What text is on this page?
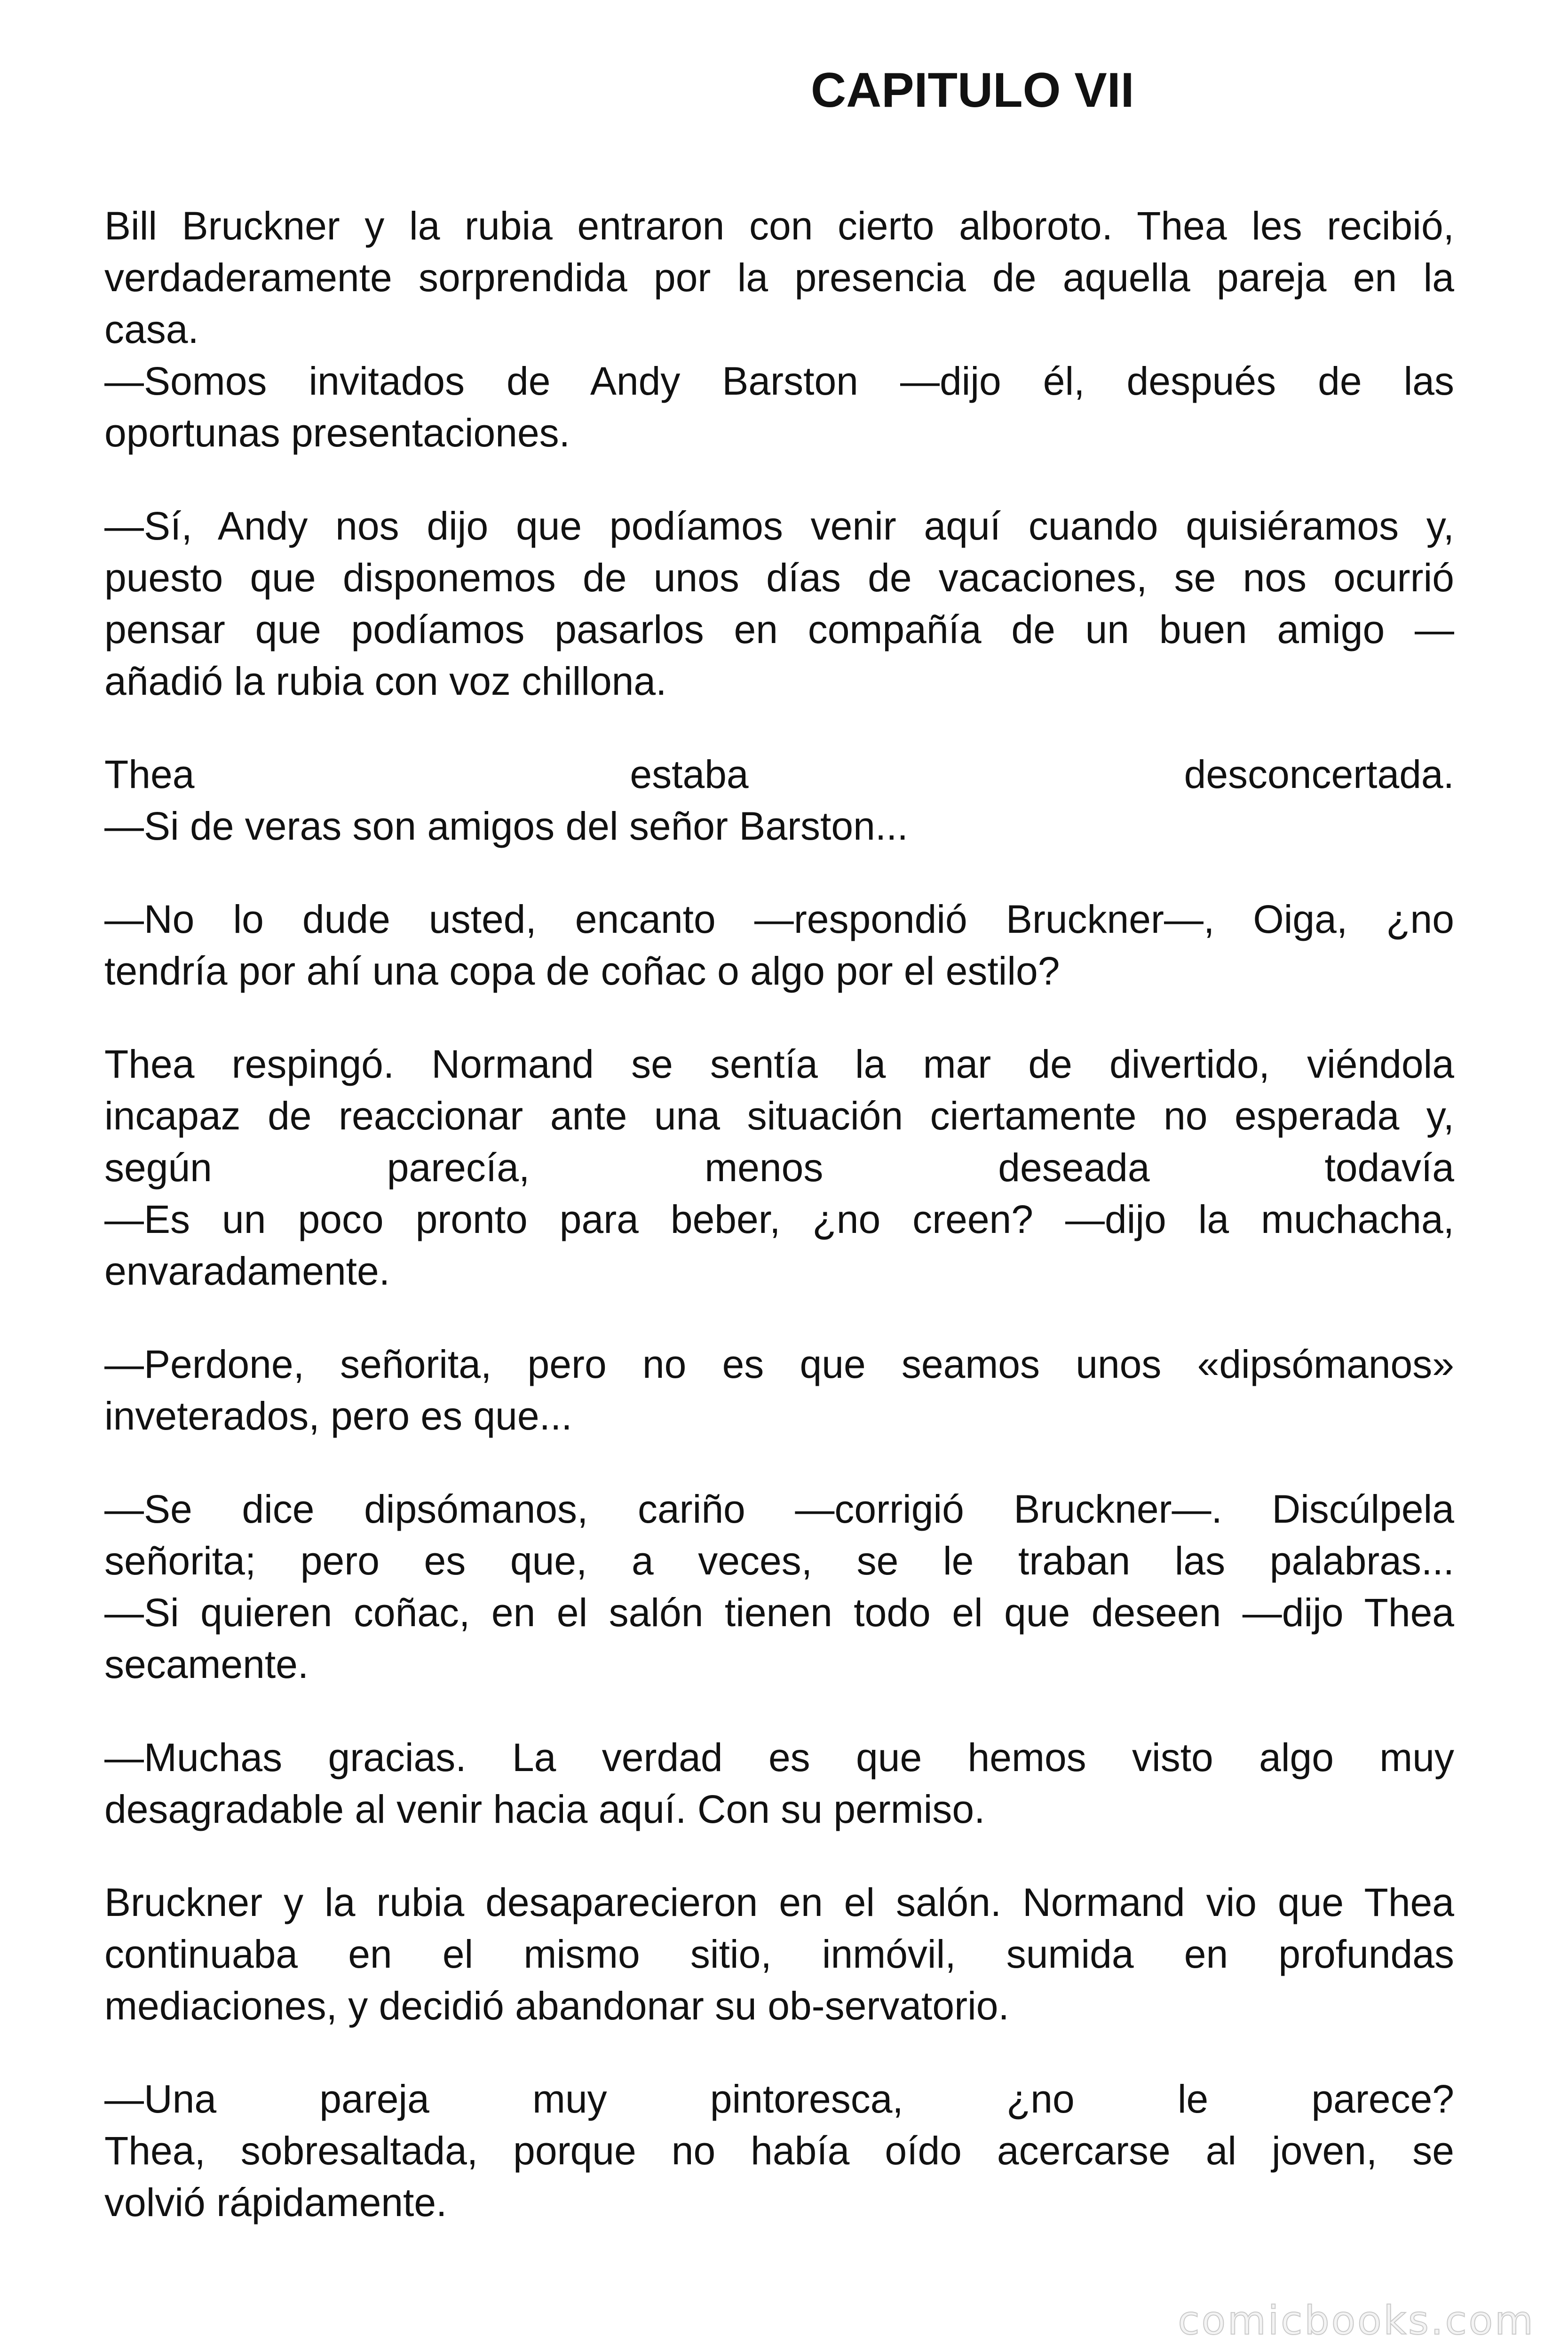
CAPITULO VII
Bill Bruckner y la rubia entraron con cierto alboroto. Thea les recibió,
verdaderamente sorprendida por la presencia de aquella pareja en la
casa.
—Somos invitados de Andy Barston —dijo él, después de las
oportunas presentaciones.
—Sí, Andy nos dijo que podíamos venir aquí cuando quisiéramos y,
puesto que disponemos de unos días de vacaciones, se nos ocurrió
pensar que podíamos pasarlos en compañía de un buen amigo —
añadió la rubia con voz chillona.
Thea estaba desconcertada.
—Si de veras son amigos del señor Barston...
—No lo dude usted, encanto —respondió Bruckner—, Oiga, ¿no
tendría por ahí una copa de coñac o algo por el estilo?
Thea respingó. Normand se sentía la mar de divertido, viéndola
incapaz de reaccionar ante una situación ciertamente no esperada y,
según parecía, menos deseada todavía
—Es un poco pronto para beber, ¿no creen? —dijo la muchacha,
envaradamente.
—Perdone, señorita, pero no es que seamos unos «dipsómanos»
inveterados, pero es que...
—Se dice dipsómanos, cariño —corrigió Bruckner—. Discúlpela
señorita; pero es que, a veces, se le traban las palabras...
—Si quieren coñac, en el salón tienen todo el que deseen —dijo Thea
secamente.
—Muchas gracias. La verdad es que hemos visto algo muy
desagradable al venir hacia aquí. Con su permiso.
Bruckner y la rubia desaparecieron en el salón. Normand vio que Thea
continuaba en el mismo sitio, inmóvil, sumida en profundas
mediaciones, y decidió abandonar su ob-servatorio.
—Una pareja muy pintoresca, ¿no le parece?
Thea, sobresaltada, porque no había oído acercarse al joven, se
volvió rápidamente.
comicbooks.com
